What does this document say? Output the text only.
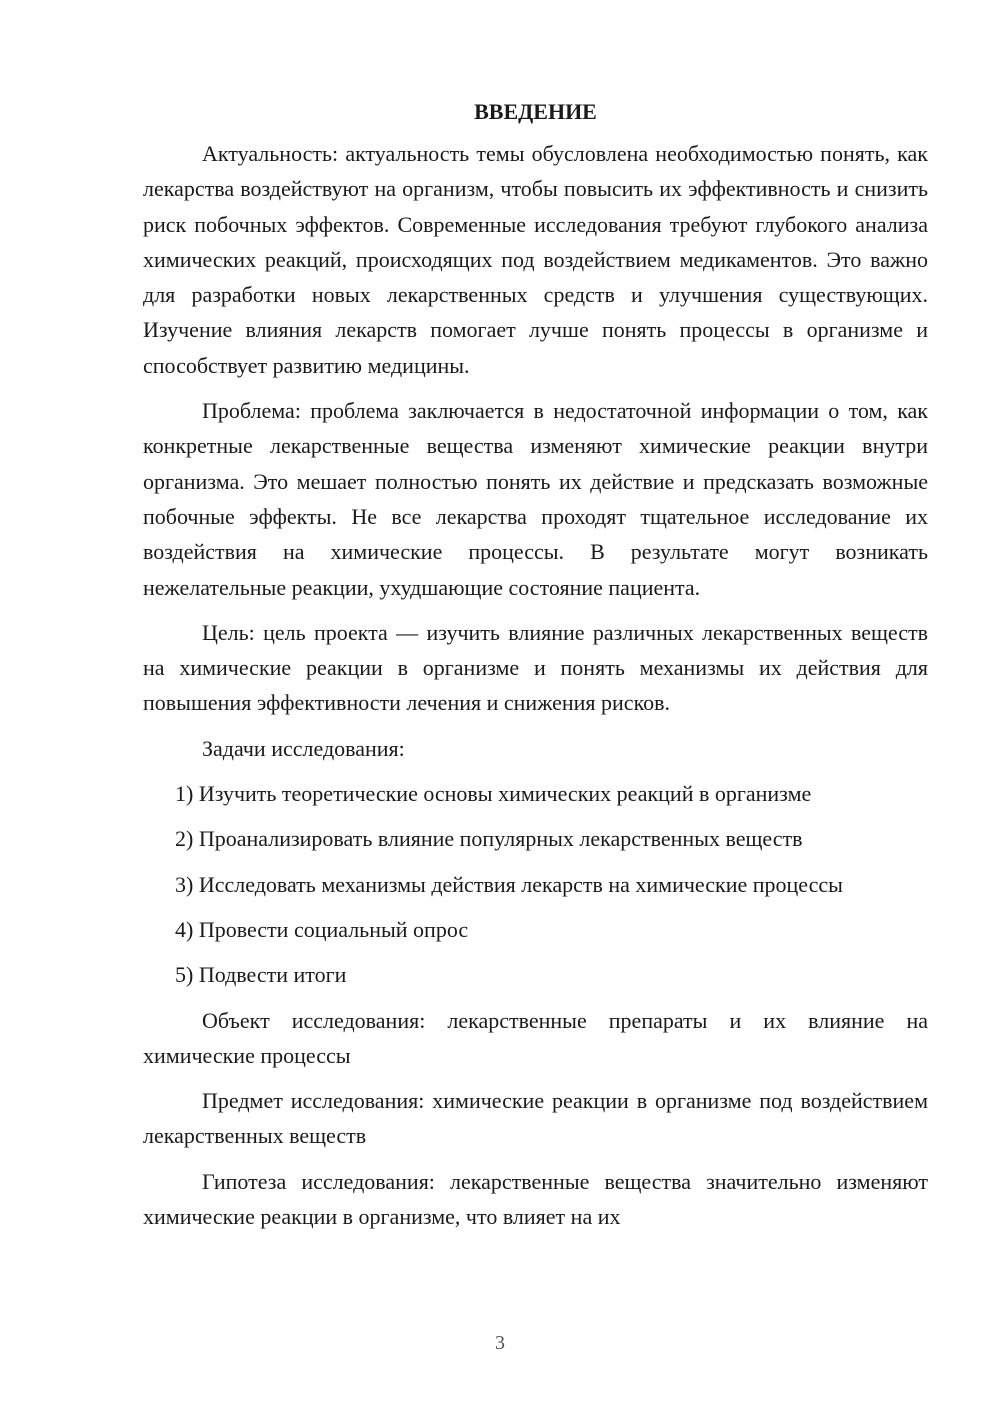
ВВЕДЕНИЕ

Актуальность: актуальность темы обусловлена необходимостью понять, как лекарства воздействуют на организм, чтобы повысить их эффективность и снизить риск побочных эффектов. Современные исследования требуют глубокого анализа химических реакций, происходящих под воздействием медикаментов. Это важно для разработки новых лекарственных средств и улучшения существующих. Изучение влияния лекарств помогает лучше понять процессы в организме и способствует развитию медицины.

Проблема: проблема заключается в недостаточной информации о том, как конкретные лекарственные вещества изменяют химические реакции внутри организма. Это мешает полностью понять их действие и предсказать возможные побочные эффекты. Не все лекарства проходят тщательное исследование их воздействия на химические процессы. В результате могут возникать нежелательные реакции, ухудшающие состояние пациента.

Цель: цель проекта — изучить влияние различных лекарственных веществ на химические реакции в организме и понять механизмы их действия для повышения эффективности лечения и снижения рисков.

Задачи исследования:
1) Изучить теоретические основы химических реакций в организме
2) Проанализировать влияние популярных лекарственных веществ
3) Исследовать механизмы действия лекарств на химические процессы
4) Провести социальный опрос
5) Подвести итоги

Объект исследования: лекарственные препараты и их влияние на химические процессы

Предмет исследования: химические реакции в организме под воздействием лекарственных веществ

Гипотеза исследования: лекарственные вещества значительно изменяют химические реакции в организме, что влияет на их

3
